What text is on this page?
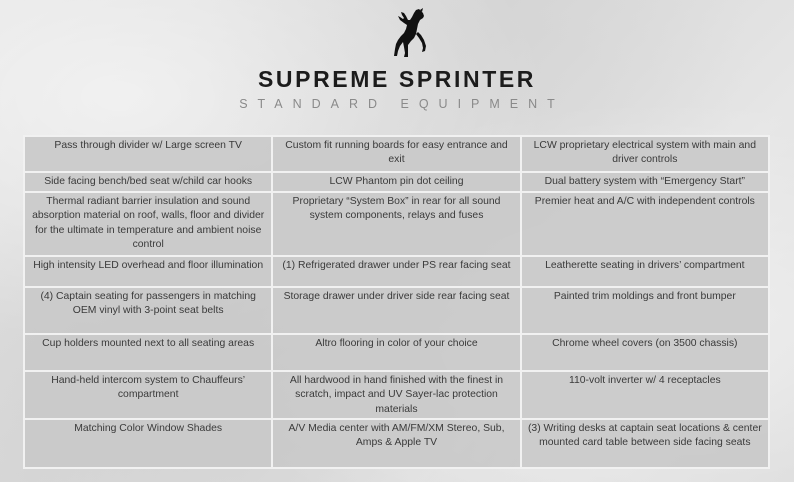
SUPREME SPRINTER
STANDARD EQUIPMENT
Pass through divider w/ Large screen TV	Custom fit running boards for easy entrance and exit	LCW proprietary electrical system with main and driver controls
Side facing bench/bed seat w/child car hooks	LCW Phantom pin dot ceiling	Dual battery system with “Emergency Start”
Thermal radiant barrier insulation and sound absorption material on roof, walls, floor and divider for the ultimate in temperature and ambient noise control	Proprietary “System Box” in rear for all sound system components, relays and fuses	Premier heat and A/C with independent controls
High intensity LED overhead and floor illumination	(1) Refrigerated drawer under PS rear facing seat	Leatherette seating in drivers’ compartment
(4) Captain seating for passengers in matching OEM vinyl with 3-point seat belts	Storage drawer under driver side rear facing seat	Painted trim moldings and front bumper
Cup holders mounted next to all seating areas	Altro flooring in color of your choice	Chrome wheel covers (on 3500 chassis)
Hand-held intercom system to Chauffeurs’ compartment	All hardwood in hand finished with the finest in scratch, impact and UV Sayer-lac protection materials	110-volt inverter w/ 4 receptacles
Matching Color Window Shades	A/V Media center with AM/FM/XM Stereo, Sub, Amps & Apple TV	(3) Writing desks at captain seat locations & center mounted card table between side facing seats
